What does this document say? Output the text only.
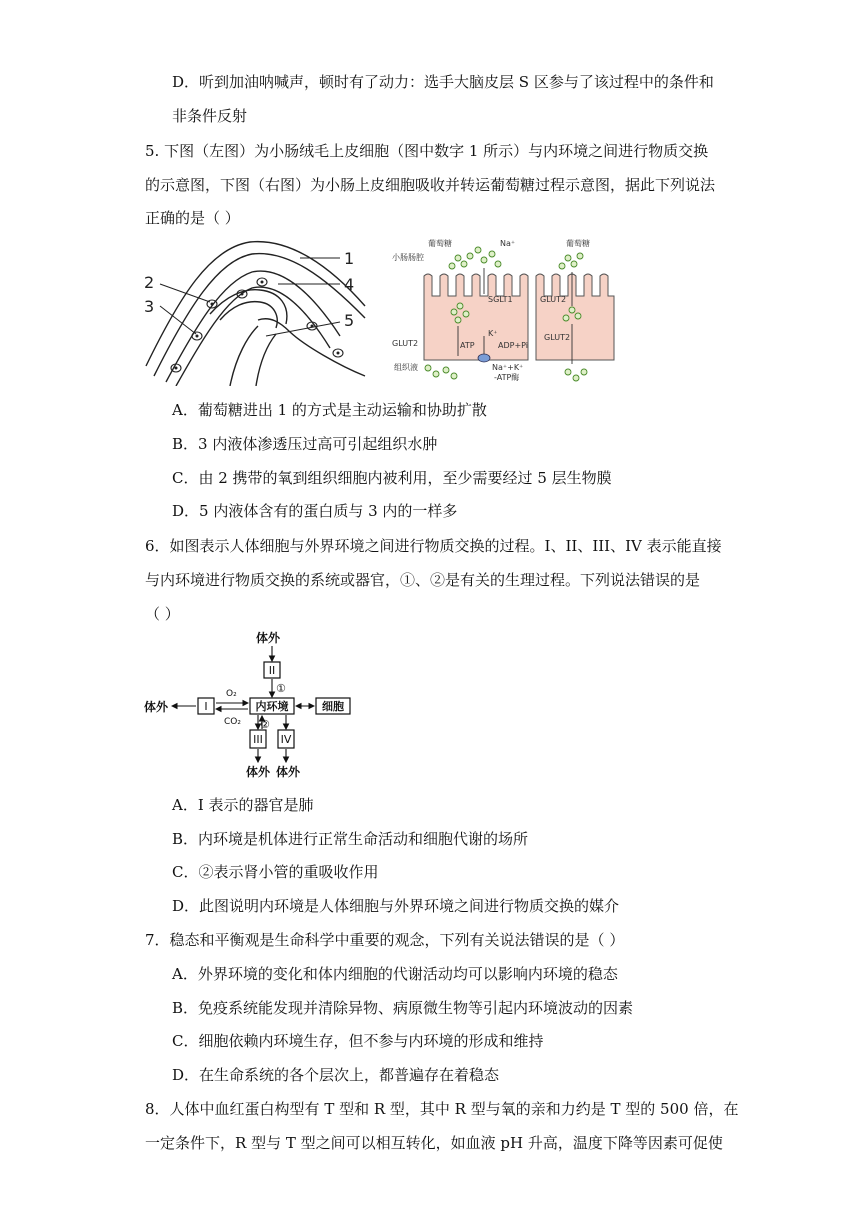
D．听到加油呐喊声，顿时有了动力：选手大脑皮层 S 区参与了该过程中的条件和
非条件反射
5. 下图（左图）为小肠绒毛上皮细胞（图中数字 1 所示）与内环境之间进行物质交换
的示意图，下图（右图）为小肠上皮细胞吸收并转运葡萄糖过程示意图，据此下列说法
正确的是（ ）
1
4
5
2
3
小肠肠腔
葡萄糖	葡萄糖
Na⁺
SGLT1	GLUT2
GLUT2
GLUT2	ATP	ADP+Pi
K⁺
Na⁺+K⁺
-ATP酶
组织液
A．葡萄糖进出 1 的方式是主动运输和协助扩散
B．3 内液体渗透压过高可引起组织水肿
C．由 2 携带的氧到组织细胞内被利用，至少需要经过 5 层生物膜
D．5 内液体含有的蛋白质与 3 内的一样多
6．如图表示人体细胞与外界环境之间进行物质交换的过程。I、II、III、IV 表示能直接
与内环境进行物质交换的系统或器官，①、②是有关的生理过程。下列说法错误的是
（ ）
体外
体外
体外 体外
II
I	内环境	细胞
III IV
O₂
CO₂
①
②
A．I 表示的器官是肺
B．内环境是机体进行正常生命活动和细胞代谢的场所
C．②表示肾小管的重吸收作用
D．此图说明内环境是人体细胞与外界环境之间进行物质交换的媒介
7．稳态和平衡观是生命科学中重要的观念，下列有关说法错误的是（ ）
A．外界环境的变化和体内细胞的代谢活动均可以影响内环境的稳态
B．免疫系统能发现并清除异物、病原微生物等引起内环境波动的因素
C．细胞依赖内环境生存，但不参与内环境的形成和维持
D．在生命系统的各个层次上，都普遍存在着稳态
8．人体中血红蛋白构型有 T 型和 R 型，其中 R 型与氧的亲和力约是 T 型的 500 倍，在
一定条件下，R 型与 T 型之间可以相互转化，如血液 pH 升高，温度下降等因素可促使
